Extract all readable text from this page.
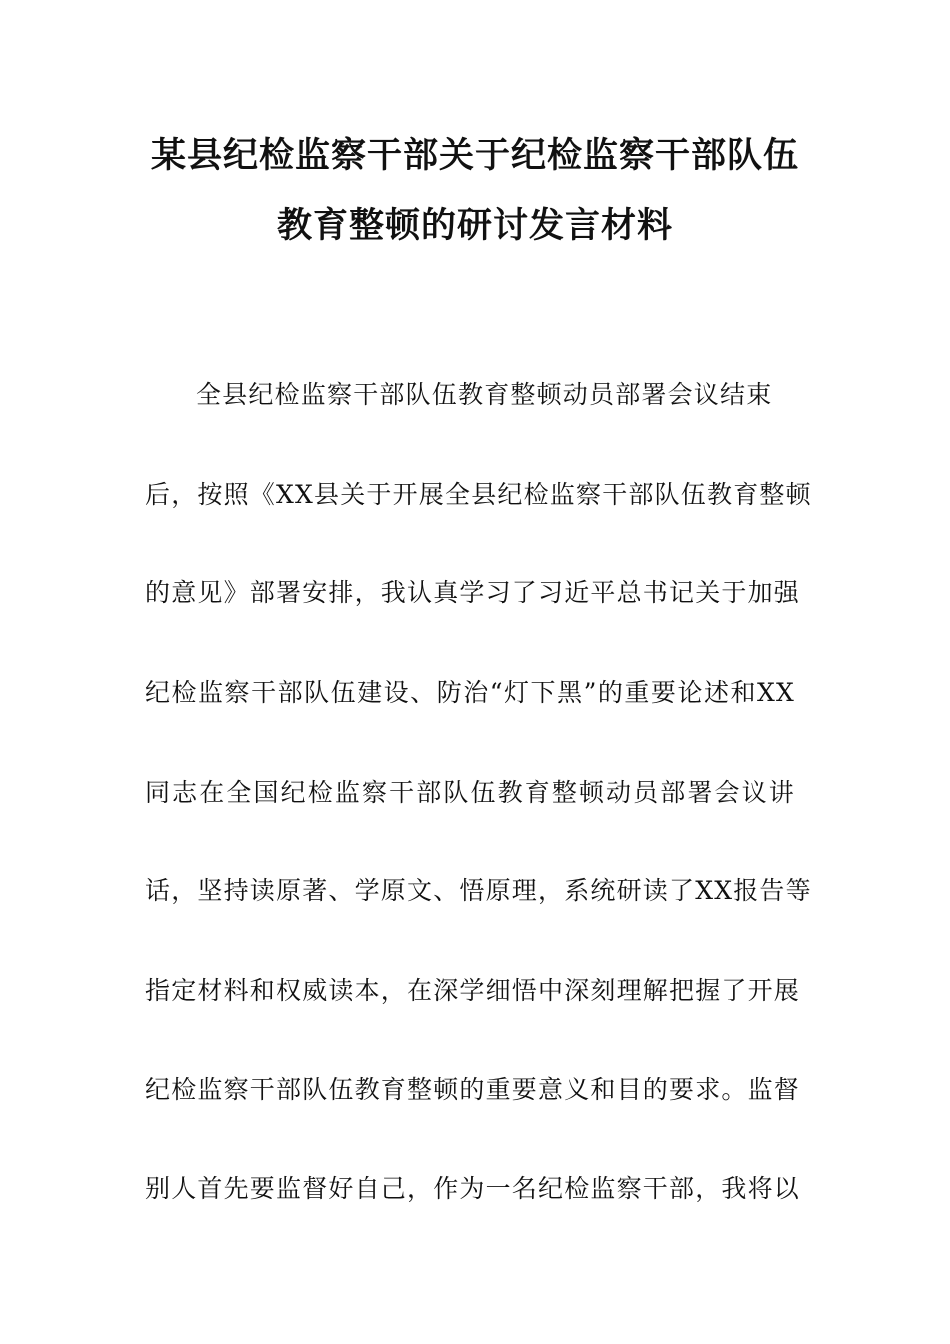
某县纪检监察干部关于纪检监察干部队伍
教育整顿的研讨发言材料
全县纪检监察干部队伍教育整顿动员部署会议结束
后，按照《XX县关于开展全县纪检监察干部队伍教育整顿
的意见》部署安排，我认真学习了习近平总书记关于加强
纪检监察干部队伍建设、防治“灯下黑”的重要论述和XX
同志在全国纪检监察干部队伍教育整顿动员部署会议讲
话，坚持读原著、学原文、悟原理，系统研读了XX报告等
指定材料和权威读本，在深学细悟中深刻理解把握了开展
纪检监察干部队伍教育整顿的重要意义和目的要求。监督
别人首先要监督好自己，作为一名纪检监察干部，我将以
